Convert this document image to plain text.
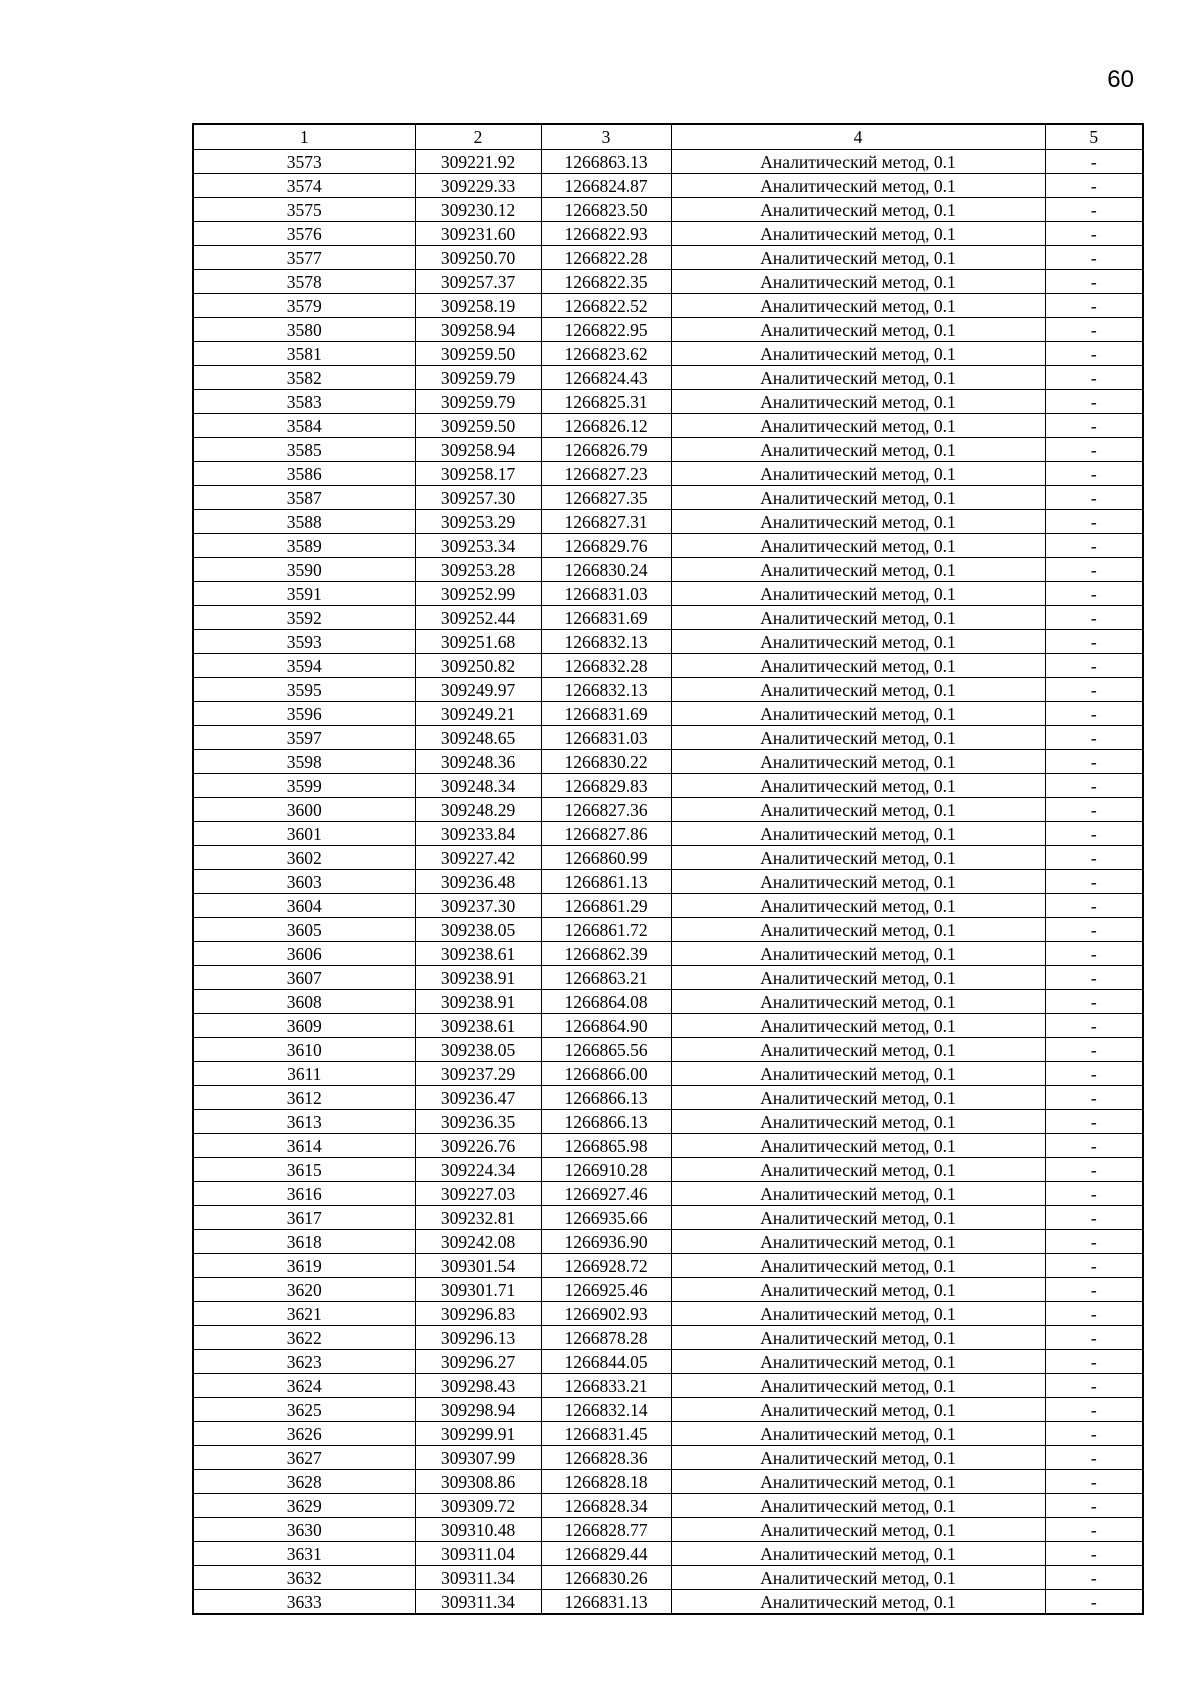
60
1	2	3	4	5
3573	309221.92	1266863.13	Аналитический метод, 0.1	-
3574	309229.33	1266824.87	Аналитический метод, 0.1	-
3575	309230.12	1266823.50	Аналитический метод, 0.1	-
3576	309231.60	1266822.93	Аналитический метод, 0.1	-
3577	309250.70	1266822.28	Аналитический метод, 0.1	-
3578	309257.37	1266822.35	Аналитический метод, 0.1	-
3579	309258.19	1266822.52	Аналитический метод, 0.1	-
3580	309258.94	1266822.95	Аналитический метод, 0.1	-
3581	309259.50	1266823.62	Аналитический метод, 0.1	-
3582	309259.79	1266824.43	Аналитический метод, 0.1	-
3583	309259.79	1266825.31	Аналитический метод, 0.1	-
3584	309259.50	1266826.12	Аналитический метод, 0.1	-
3585	309258.94	1266826.79	Аналитический метод, 0.1	-
3586	309258.17	1266827.23	Аналитический метод, 0.1	-
3587	309257.30	1266827.35	Аналитический метод, 0.1	-
3588	309253.29	1266827.31	Аналитический метод, 0.1	-
3589	309253.34	1266829.76	Аналитический метод, 0.1	-
3590	309253.28	1266830.24	Аналитический метод, 0.1	-
3591	309252.99	1266831.03	Аналитический метод, 0.1	-
3592	309252.44	1266831.69	Аналитический метод, 0.1	-
3593	309251.68	1266832.13	Аналитический метод, 0.1	-
3594	309250.82	1266832.28	Аналитический метод, 0.1	-
3595	309249.97	1266832.13	Аналитический метод, 0.1	-
3596	309249.21	1266831.69	Аналитический метод, 0.1	-
3597	309248.65	1266831.03	Аналитический метод, 0.1	-
3598	309248.36	1266830.22	Аналитический метод, 0.1	-
3599	309248.34	1266829.83	Аналитический метод, 0.1	-
3600	309248.29	1266827.36	Аналитический метод, 0.1	-
3601	309233.84	1266827.86	Аналитический метод, 0.1	-
3602	309227.42	1266860.99	Аналитический метод, 0.1	-
3603	309236.48	1266861.13	Аналитический метод, 0.1	-
3604	309237.30	1266861.29	Аналитический метод, 0.1	-
3605	309238.05	1266861.72	Аналитический метод, 0.1	-
3606	309238.61	1266862.39	Аналитический метод, 0.1	-
3607	309238.91	1266863.21	Аналитический метод, 0.1	-
3608	309238.91	1266864.08	Аналитический метод, 0.1	-
3609	309238.61	1266864.90	Аналитический метод, 0.1	-
3610	309238.05	1266865.56	Аналитический метод, 0.1	-
3611	309237.29	1266866.00	Аналитический метод, 0.1	-
3612	309236.47	1266866.13	Аналитический метод, 0.1	-
3613	309236.35	1266866.13	Аналитический метод, 0.1	-
3614	309226.76	1266865.98	Аналитический метод, 0.1	-
3615	309224.34	1266910.28	Аналитический метод, 0.1	-
3616	309227.03	1266927.46	Аналитический метод, 0.1	-
3617	309232.81	1266935.66	Аналитический метод, 0.1	-
3618	309242.08	1266936.90	Аналитический метод, 0.1	-
3619	309301.54	1266928.72	Аналитический метод, 0.1	-
3620	309301.71	1266925.46	Аналитический метод, 0.1	-
3621	309296.83	1266902.93	Аналитический метод, 0.1	-
3622	309296.13	1266878.28	Аналитический метод, 0.1	-
3623	309296.27	1266844.05	Аналитический метод, 0.1	-
3624	309298.43	1266833.21	Аналитический метод, 0.1	-
3625	309298.94	1266832.14	Аналитический метод, 0.1	-
3626	309299.91	1266831.45	Аналитический метод, 0.1	-
3627	309307.99	1266828.36	Аналитический метод, 0.1	-
3628	309308.86	1266828.18	Аналитический метод, 0.1	-
3629	309309.72	1266828.34	Аналитический метод, 0.1	-
3630	309310.48	1266828.77	Аналитический метод, 0.1	-
3631	309311.04	1266829.44	Аналитический метод, 0.1	-
3632	309311.34	1266830.26	Аналитический метод, 0.1	-
3633	309311.34	1266831.13	Аналитический метод, 0.1	-
